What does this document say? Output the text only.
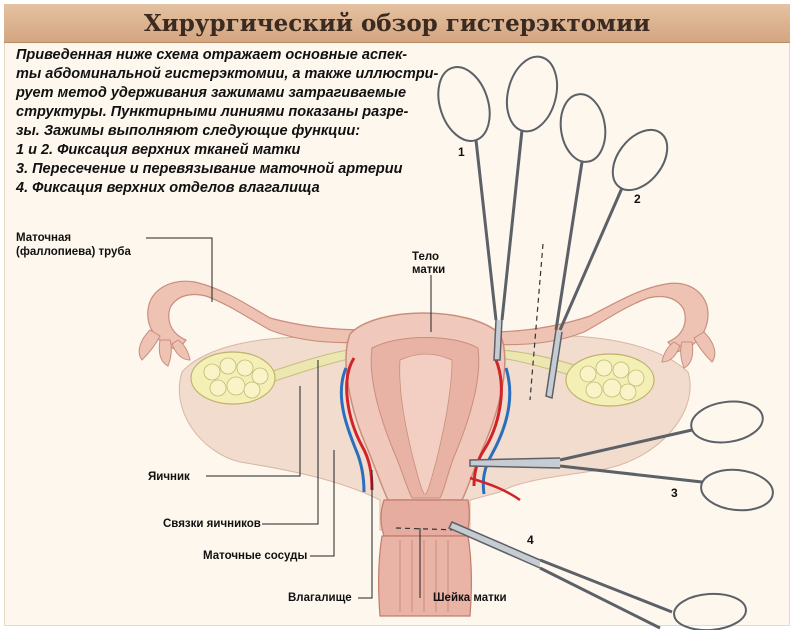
Хирургический обзор гистерэктомии
Приведенная ниже схема отражает основные аспек-
ты абдоминальной гистерэктомии, а также иллюстри-
рует метод удерживания зажимами затрагиваемые
структуры. Пунктирными линиями показаны разре-
зы. Зажимы выполняют следующие функции:
1 и 2. Фиксация верхних тканей матки
3. Пересечение и перевязывание маточной артерии
4. Фиксация верхних отделов влагалища
Маточная
(фаллопиева) труба	Тело
матки
Яичник
Связки яичников
Маточные сосуды
Влагалище	Шейка матки
1
2
3
4
